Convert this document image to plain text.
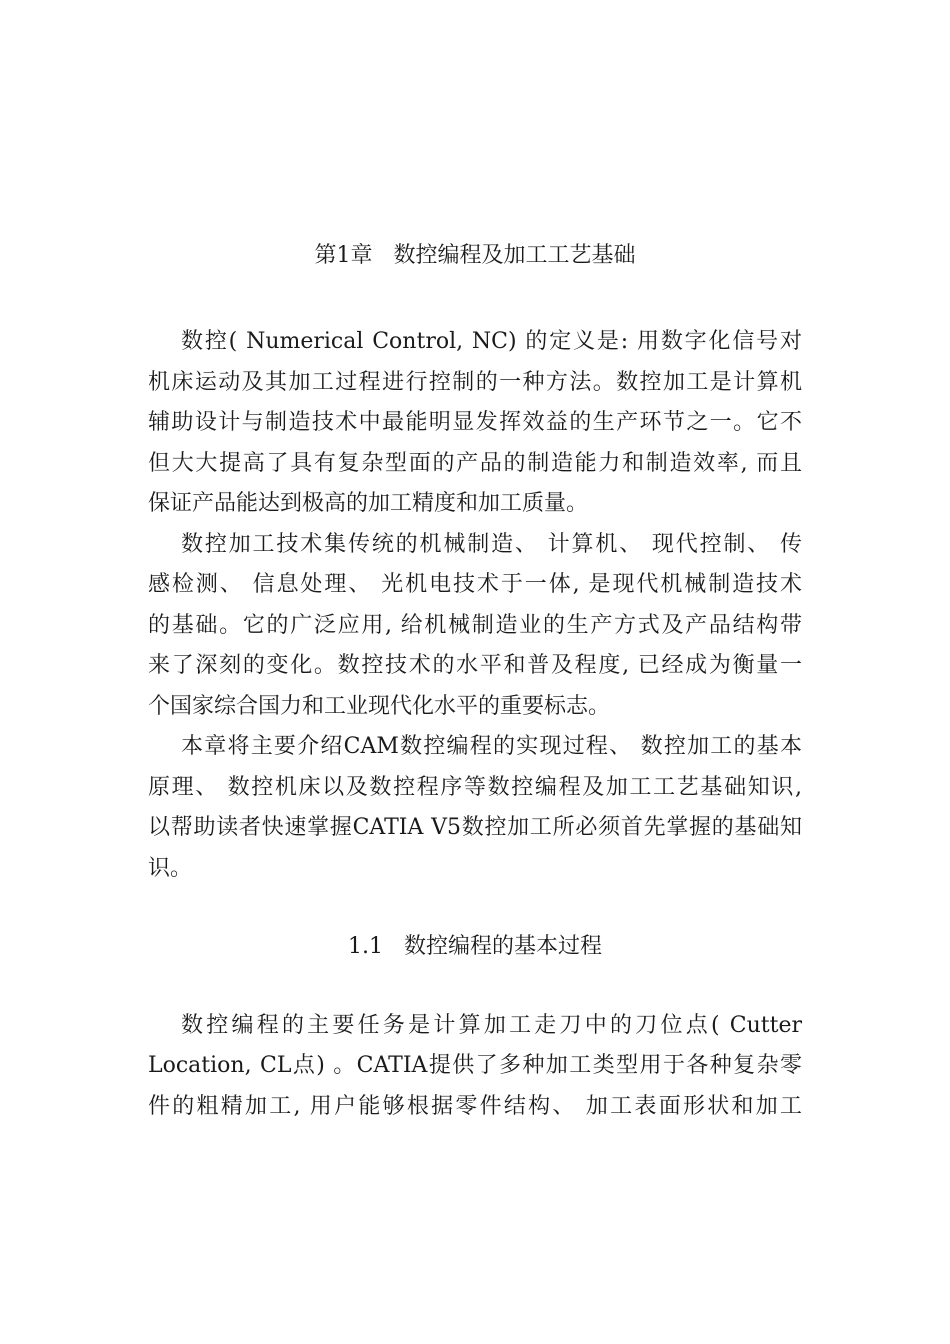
第1章   数控编程及加工工艺基础
数控( Numerical Control, NC) 的定义是: 用数字化信号对
机床运动及其加工过程进行控制的一种方法。数控加工是计算机
辅助设计与制造技术中最能明显发挥效益的生产环节之一。它不
但大大提高了具有复杂型面的产品的制造能力和制造效率, 而且
保证产品能达到极高的加工精度和加工质量。
数控加工技术集传统的机械制造、 计算机、 现代控制、 传
感检测、 信息处理、 光机电技术于一体, 是现代机械制造技术
的基础。它的广泛应用, 给机械制造业的生产方式及产品结构带
来了深刻的变化。数控技术的水平和普及程度, 已经成为衡量一
个国家综合国力和工业现代化水平的重要标志。
本章将主要介绍CAM数控编程的实现过程、 数控加工的基本
原理、 数控机床以及数控程序等数控编程及加工工艺基础知识,
以帮助读者快速掌握CATIA V5数控加工所必须首先掌握的基础知
识。
1.1   数控编程的基本过程
数控编程的主要任务是计算加工走刀中的刀位点( Cutter
Location, CL点) 。CATIA提供了多种加工类型用于各种复杂零
件的粗精加工, 用户能够根据零件结构、 加工表面形状和加工
